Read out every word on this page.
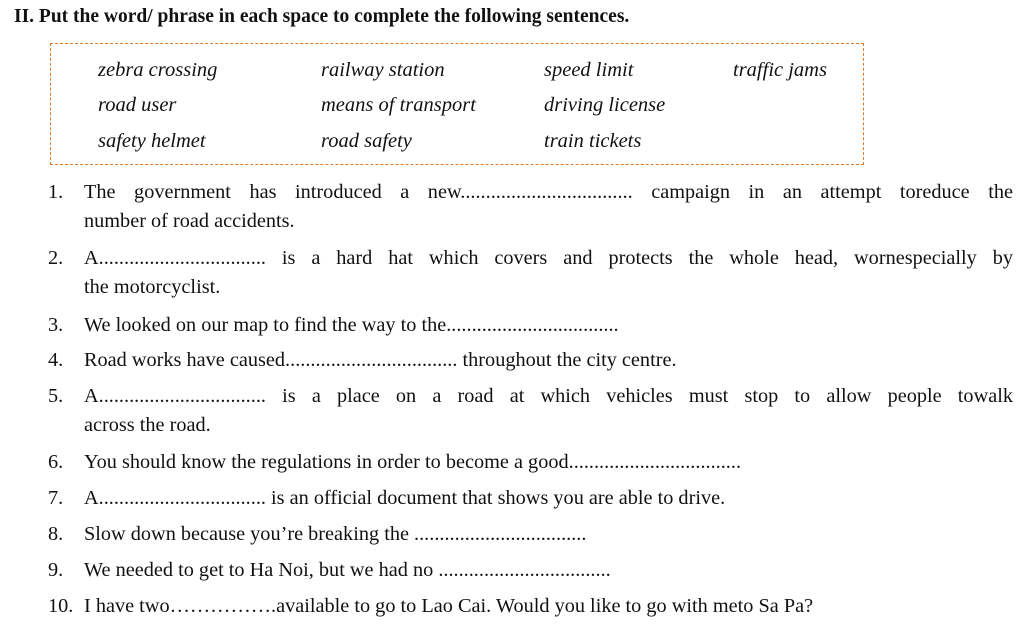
II. Put the word/ phrase in each space to complete the following sentences.
zebra crossing	railway station	speed limit	traffic jams
road user	means of transport	driving license
safety helmet	road safety	train tickets
1. The government has introduced a new.................................. campaign in an attempt toreduce the
number of road accidents.
2. A................................. is a hard hat which covers and protects the whole head, wornespecially by
the motorcyclist.
3. We looked on our map to find the way to the..................................
4. Road works have caused.................................. throughout the city centre.
5. A................................. is a place on a road at which vehicles must stop to allow people towalk
across the road.
6. You should know the regulations in order to become a good..................................
7. A................................. is an official document that shows you are able to drive.
8. Slow down because you’re breaking the ..................................
9. We needed to get to Ha Noi, but we had no ..................................
10. I have two…………….available to go to Lao Cai. Would you like to go with meto Sa Pa?
